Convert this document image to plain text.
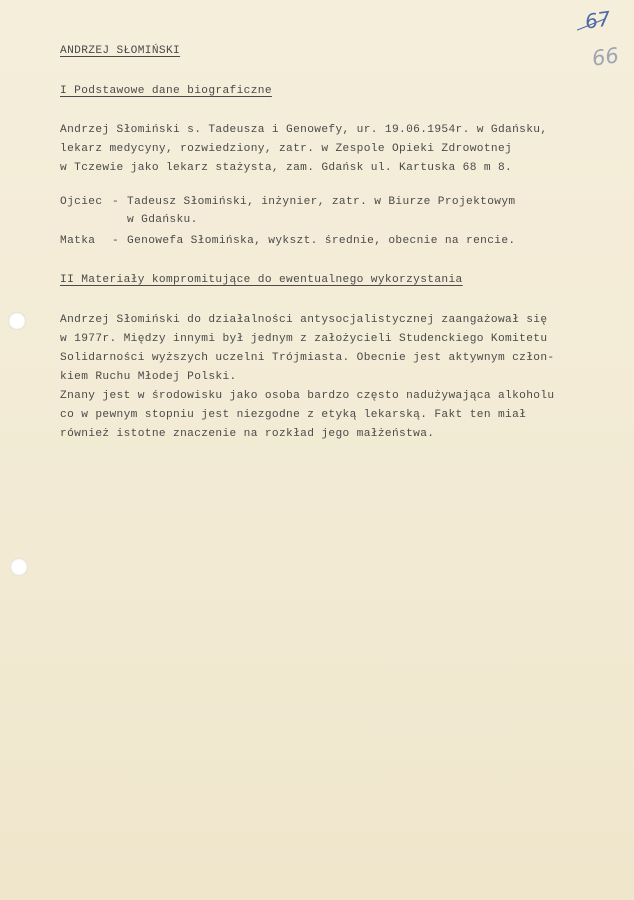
67
66
ANDRZEJ SŁOMIŃSKI
I Podstawowe dane biograficzne
Andrzej Słomiński s. Tadeusza i Genowefy, ur. 19.06.1954r. w Gdańsku,
lekarz medycyny, rozwiedziony, zatr. w Zespole Opieki Zdrowotnej
w Tczewie jako lekarz stażysta, zam. Gdańsk ul. Kartuska 68 m 8.
Ojciec - Tadeusz Słomiński, inżynier, zatr. w Biurze Projektowym
w Gdańsku.
Matka - Genowefa Słomińska, wykszt. średnie, obecnie na rencie.
II Materiały kompromitujące do ewentualnego wykorzystania
Andrzej Słomiński do działalności antysocjalistycznej zaangażował się
w 1977r. Między innymi był jednym z założycieli Studenckiego Komitetu
Solidarności wyższych uczelni Trójmiasta. Obecnie jest aktywnym człon-
kiem Ruchu Młodej Polski.
Znany jest w środowisku jako osoba bardzo często nadużywająca alkoholu
co w pewnym stopniu jest niezgodne z etyką lekarską. Fakt ten miał
również istotne znaczenie na rozkład jego małżeństwa.
